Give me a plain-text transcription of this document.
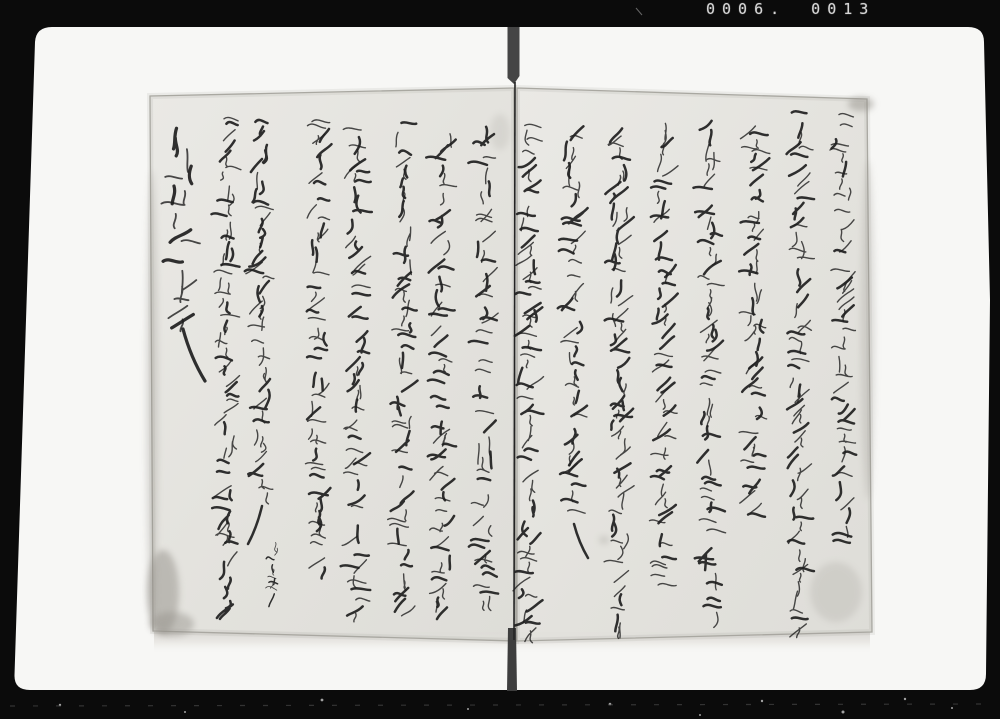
0006. 0013
